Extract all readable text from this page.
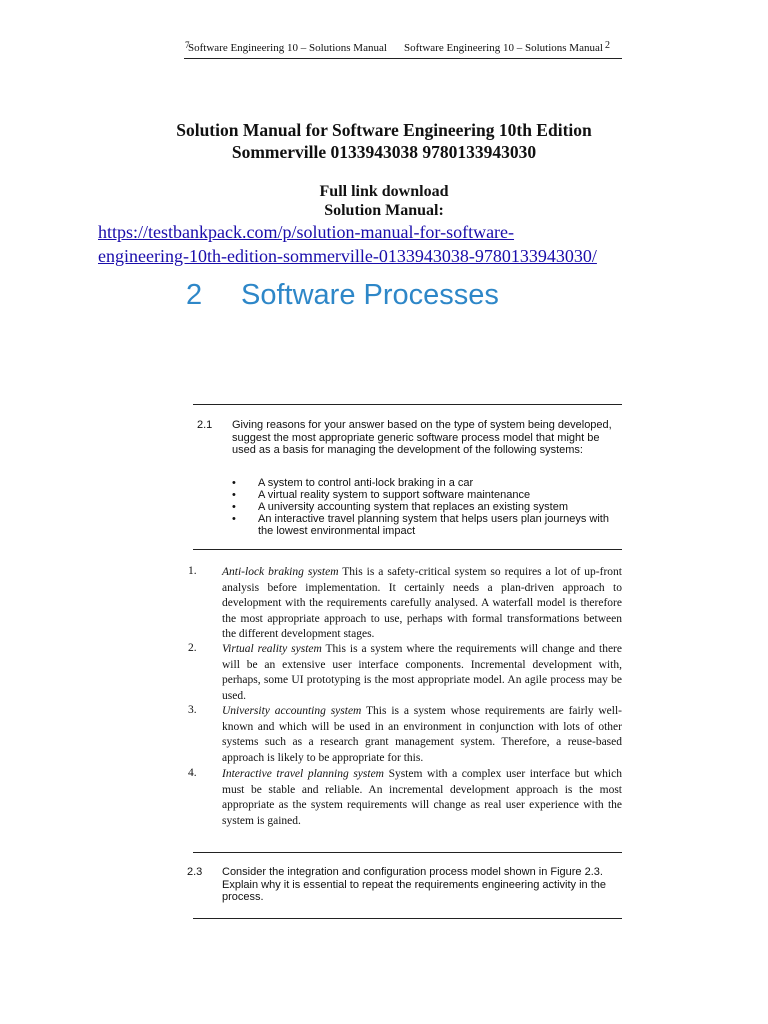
7
Software Engineering 10 – Solutions Manual Software Engineering 10 – Solutions Manual 2
Solution Manual for Software Engineering 10th Edition
Sommerville 0133943038 9780133943030
Full link download
Solution Manual:
https://testbankpack.com/p/solution-manual-for-software-
engineering-10th-edition-sommerville-0133943038-9780133943030/
2 Software Processes
2.1 Giving reasons for your answer based on the type of system being developed, suggest the most appropriate generic software process model that might be used as a basis for managing the development of the following systems:
• A system to control anti-lock braking in a car
• A virtual reality system to support software maintenance
• A university accounting system that replaces an existing system
• An interactive travel planning system that helps users plan journeys with the lowest environmental impact
1. Anti-lock braking system This is a safety-critical system so requires a lot of up-front analysis before implementation. It certainly needs a plan-driven approach to development with the requirements carefully analysed. A waterfall model is therefore the most appropriate approach to use, perhaps with formal transformations between the different development stages.
2. Virtual reality system This is a system where the requirements will change and there will be an extensive user interface components. Incremental development with, perhaps, some UI prototyping is the most appropriate model. An agile process may be used.
3. University accounting system This is a system whose requirements are fairly well-known and which will be used in an environment in conjunction with lots of other systems such as a research grant management system. Therefore, a reuse-based approach is likely to be appropriate for this.
4. Interactive travel planning system System with a complex user interface but which must be stable and reliable. An incremental development approach is the most appropriate as the system requirements will change as real user experience with the system is gained.
2.3 Consider the integration and configuration process model shown in Figure 2.3. Explain why it is essential to repeat the requirements engineering activity in the process.
